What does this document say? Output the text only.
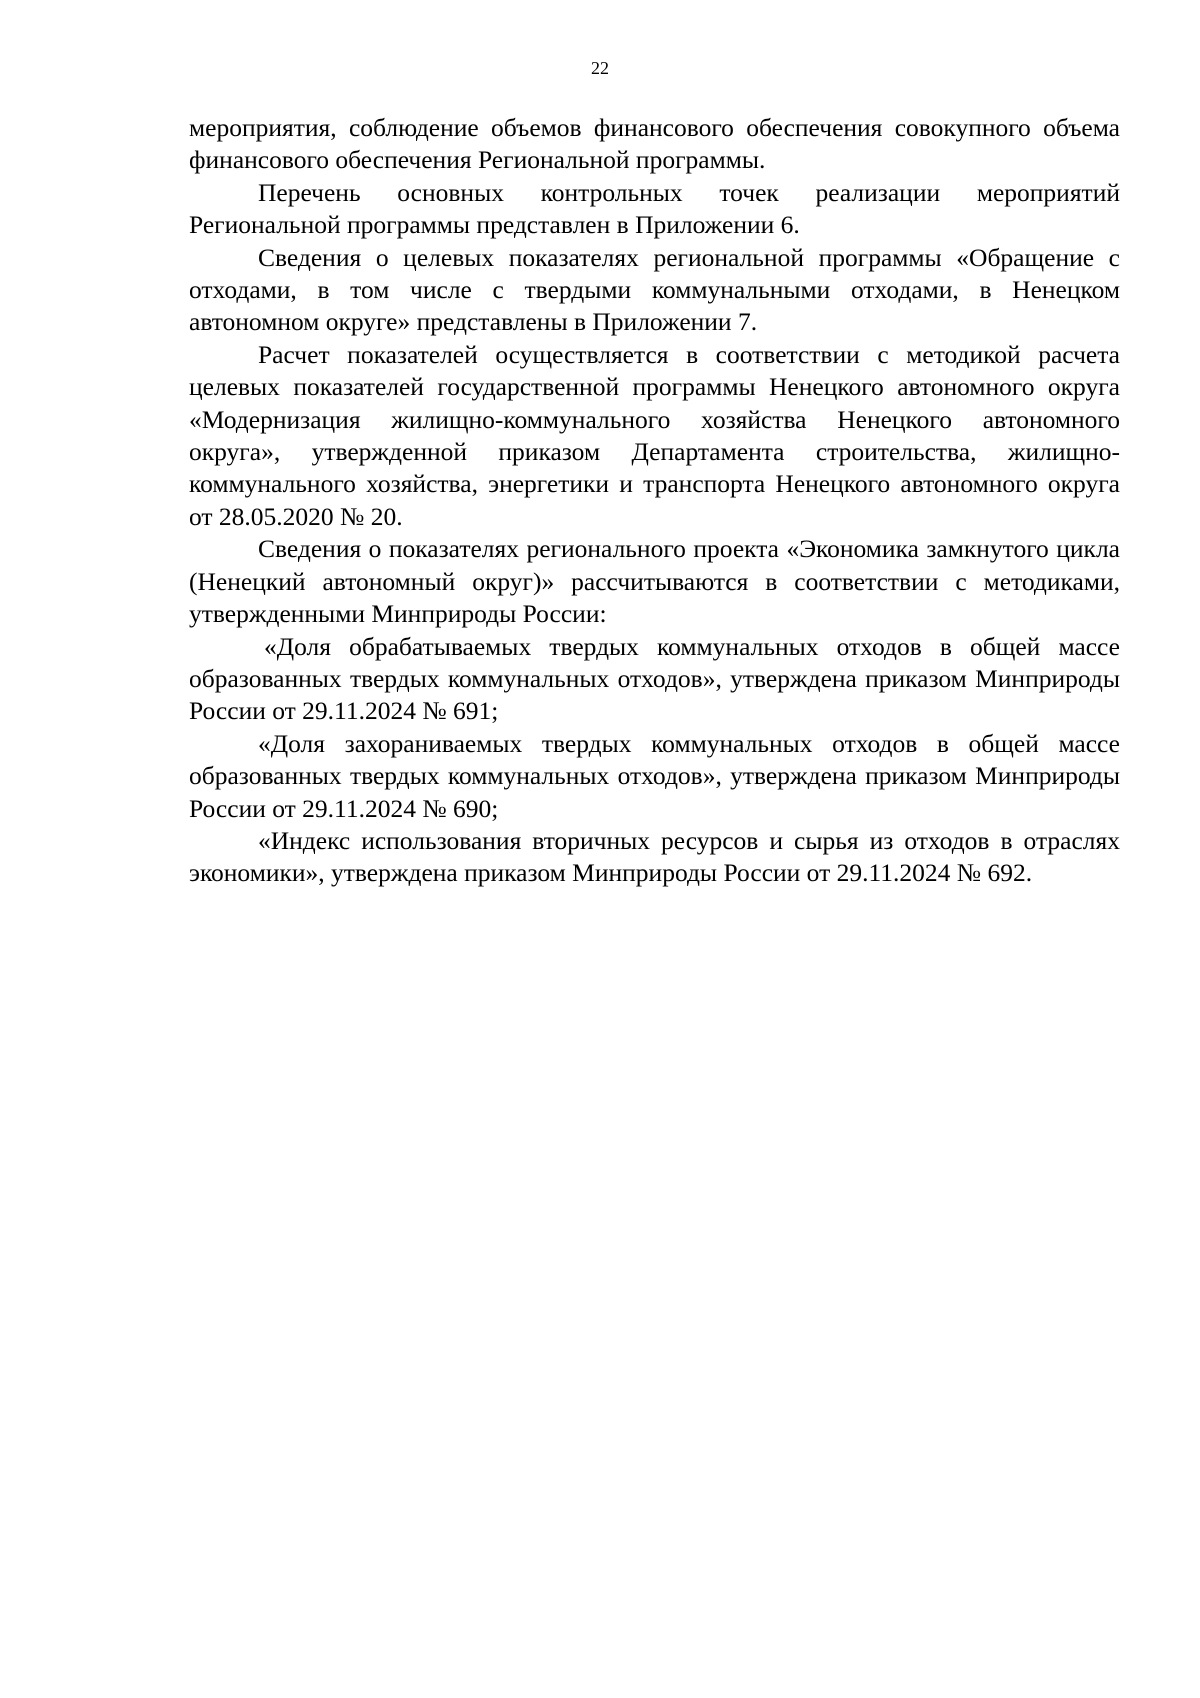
22

мероприятия, соблюдение объемов финансового обеспечения совокупного объема финансового обеспечения Региональной программы.

Перечень основных контрольных точек реализации мероприятий Региональной программы представлен в Приложении 6.

Сведения о целевых показателях региональной программы «Обращение с отходами, в том числе с твердыми коммунальными отходами, в Ненецком автономном округе» представлены в Приложении 7.

Расчет показателей осуществляется в соответствии с методикой расчета целевых показателей государственной программы Ненецкого автономного округа «Модернизация жилищно-коммунального хозяйства Ненецкого автономного округа», утвержденной приказом Департамента строительства, жилищно-коммунального хозяйства, энергетики и транспорта Ненецкого автономного округа от 28.05.2020 № 20.

Сведения о показателях регионального проекта «Экономика замкнутого цикла (Ненецкий автономный округ)» рассчитываются в соответствии с методиками, утвержденными Минприроды России:

«Доля обрабатываемых твердых коммунальных отходов в общей массе образованных твердых коммунальных отходов», утверждена приказом Минприроды России от 29.11.2024 № 691;

«Доля захораниваемых твердых коммунальных отходов в общей массе образованных твердых коммунальных отходов», утверждена приказом Минприроды России от 29.11.2024 № 690;

«Индекс использования вторичных ресурсов и сырья из отходов в отраслях экономики», утверждена приказом Минприроды России от 29.11.2024 № 692.
